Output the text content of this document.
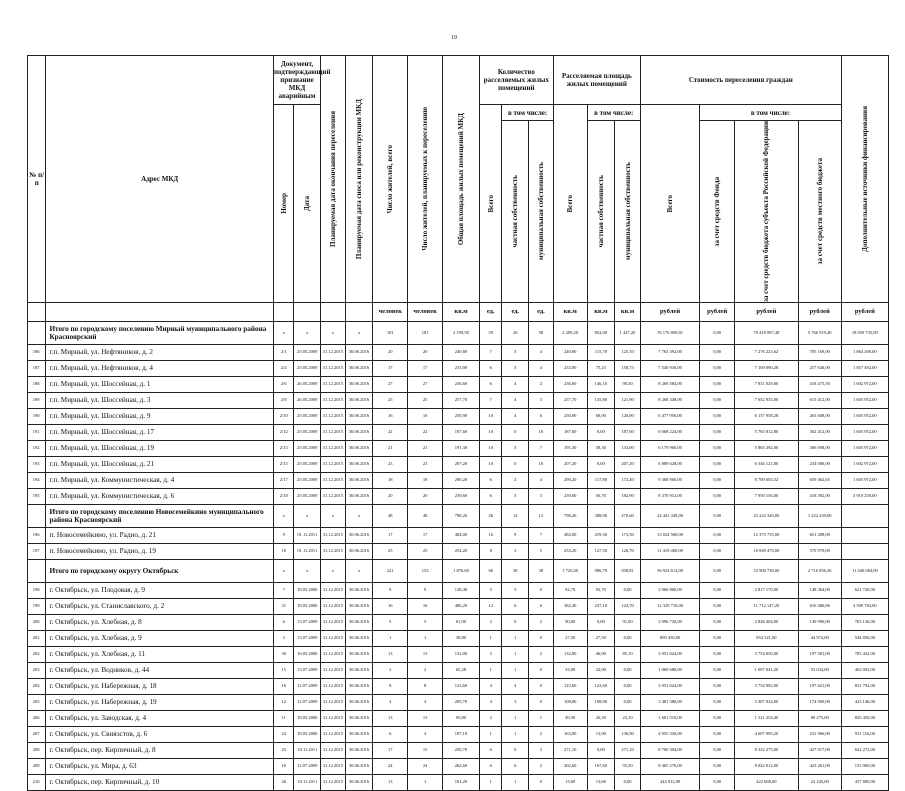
19
№ п/п	Адрес МКД	Документ, подтверждающий признание МКД аварийным		Планируемая дата окончания переселения	Планируемая дата сноса или реконструкции МКД	Число жителей, всего	Число жителей, планируемых к переселению	Общая площадь жилых помещений МКД	Количество расселяемых жилых помещений			Расселяемая площадь жилых помещений			Стоимость переселения граждан				Дополнительные источники финансирования

		Номер	Дата						Всего	в том числе:		Всего	в том числе:		Всего	в том числе:			

										частная собственность	муниципальная собственность		частная собственность	муниципальная собственность		за счет средств Фонда	за счет средств бюджета субъекта Российской Федерации	за счет средств местного бюджета	

						человек	человек	кв.м	ед.	ед.	ед.	кв.м	кв.м	кв.м	рублей	рублей	рублей	рублей	рублей
	Итого по городскому поселению Мирный муниципального района Красноярский	x	x	x	x	181	181	2 199,50	59	26	58	2 209,20	852,00	1 447,20	76 176 009,81	0,00	70 418 087,48	5 766 919,40	18 059 735,00
186.	г.п. Мирный, ул. Нефтяников, д. 2	2/1	25.05.2009	31.12.2015	30.06.2016	20	20	240,80	7	3	4	240,80	115,70	125,10	7 763 392,00	0,00	7 276 223,62	705 169,00	1 864 200,00
187.	г.п. Мирный, ул. Нефтяников, д. 4	2/2	25.05.2009	31.12.2015	30.06.2016	17	17	233,90	6	3	4	233,90	75,23	158,73	7 540 936,00	0,00	7 169 090,28	257 640,00	1 857 492,00
188.	г.п. Мирный, ул. Шоссейная, д. 1	2/6	26.05.2009	31.12.2015	30.06.2016	27	27	236,60	6	4	2	236,60	146,10	90,50	8 269 584,00	0,00	7 851 029,00	418 475,50	1 602 972,00
189.	г.п. Мирный, ул. Шоссейная, д. 3	2/8	26.05.2009	31.12.2015	30.06.2016	25	25	257,70	7	4	3	257,70	135,80	121,90	8 268 348,00	0,00	7 652 935,00	615 412,00	1 605 952,00
190.	г.п. Мирный, ул. Шоссейная, д. 9	2/10	25.05.2009	31.12.2015	30.06.2016	16	16	250,90	10	4	6	250,90	68,90	120,00	6 477 956,00	0,00	6 157 958,28	263 608,00	1 605 952,00
191.	г.п. Мирный, ул. Шоссейная, д. 17	2/12	25.05.2009	31.12.2015	30.06.2016	22	22	187,60	10	0	10	187,60	0,00	187,60	6 068 224,00	0,00	5 765 812,80	302 412,00	1 605 952,00
192.	г.п. Мирный, ул. Шоссейная, д. 19	2/13	25.05.2009	31.12.2015	30.06.2016	21	21	191,30	10	3	7	191,30	58,30	133,00	6 179 960,00	0,00	5 865 292,00	306 698,00	1 605 972,00
193.	г.п. Мирный, ул. Шоссейная, д. 21	2/15	25.05.2009	31.12.2015	30.06.2016	23	23	207,20	10	0	10	207,20	0,00	207,20	6 889 628,00	0,00	6 546 121,80	234 000,00	1 602 972,00
194.	г.п. Мирный, ул. Коммунистическая, д. 4	2/17	25.05.2009	31.12.2015	30.06.2016	18	18	290,20	6	2	4	290,20	117,80	172,40	9 368 960,00	0,00	8 709 603,52	659 462,65	1 605 972,00
195.	г.п. Мирный, ул. Коммунистическая, д. 6	2/18	25.05.2009	31.12.2015	30.06.2016	20	20	239,60	6	3	3	239,60	56,70	182,90	8 370 912,00	0,00	7 950 156,00	418 392,00	3 910 250,00
	Итого по городскому поселению Новосемейкино муниципального района Красноярский	x	x	x	x	48	48	798,26	26	12	12	798,26	388,06	270,60	24 441 349,00	0,00	23 222 349,00	1 222 239,00	
196.	п. Новосемейкино, ул. Радио, д. 21	9	01.11.2011	31.12.2015	30.06.2016	17	17	484,00	16	9	7	484,00	259,50	173,50	13 024 568,00	0,00	12 375 755,00	651 288,00	
197.	п. Новосемейкино, ул. Радио, д. 19	10	01.11.2011	31.12.2015	30.06.2016	25	25	254,20	8	3	5	254,20	127,50	126,70	11 419 400,00	0,00	10 849 470,00	570 970,00	
	Итого по городскому округу Октябрьск	x	x	x	x	221	153	1 876,69	66	38	38	1 725,60	986,79	938,81	56 924 614,00	0,00	53 900 730,00	2 716 856,36	11 440 084,00
198.	г. Октябрьск, ул. Плодовая, д. 9	7	18.05.2006	31.12.2015	30.06.2016	9	9	128,40	5	5	0	92,70	92,70	0,00	2 966 860,00	0,00	2 817 170,00	148 364,00	621 720,00
199.	г. Октябрьск, ул. Станиславского, д. 2	31	18.05.2006	31.12.2015	30.06.2016	16	16	486,20	12	6	6	382,40	237,10	124,70	12 329 710,00	0,00	11 712 147,20	616 486,86	4 509 784,00
200.	г. Октябрьск, ул. Хлебная, д. 8	6	13.07.2009	31.12.2015	30.06.2016	5	5	61,00	2	0	2	90,00	0,00	91,00	2 996 720,00	0,00	2 848 404,00	149 996,00	763 136,00
201.	г. Октябрьск, ул. Хлебная, д. 9	3	13.07.2009	31.12.2015	30.06.2016	1	1	38,80	1	1	0	27,50	27,50	0,00	899 450,00	0,00	854 521,00	44 974,00	544 856,00
202.	г. Октябрьск, ул. Хлебная, д. 11	30	16.05.2006	31.12.2015	30.06.2016	13	13	132,00	3	1	2	132,00	46,90	85,10	3 951 624,00	0,00	3 754 050,00	197 581,00	783 432,00
203.	г. Октябрьск, ул. Водников, д. 44	15	13.07.2009	31.12.2015	30.06.2016	2	2	65,28	1	1	0	33,00	32,90	0,00	1 060 686,00	0,00	1 007 641,20	53 034,00	463 092,00
204.	г. Октябрьск, ул. Набережная, д. 18	16	12.07.2009	31.12.2015	30.06.2016	8	8	123,60	4	4	0	123,60	123,60	0,00	3 953 624,00	0,00	3 754 992,00	197 621,00	831 792,00
205.	г. Октябрьск, ул. Набережная, д. 19	12	12.07.2009	31.12.2015	30.06.2016	4	4	209,70	4	3	0	108,00	108,00	0,00	3 481 380,00	0,00	3 307 824,00	174 069,00	423 146,00
206.	г. Октябрьск, ул. Заводская, д. 4	11	18.05.2006	31.12.2015	30.06.2016	13	13	95,80	2	1	1	49,50	26,30	23,10	1 601 510,00	0,00	1 521 254,40	80 275,00	825 456,00
207.	г. Октябрьск, ул. Свиязстов, д. 6	24	18.05.2006	31.12.2015	30.06.2016	6	4	187,10	1	1	2	163,90	13,90	136,90	4 955 336,00	0,00	4 607 995,20	231 966,00	931 116,00
208.	г. Октябрьск, пер. Кирпичный, д. 8	25	10.11.2011	31.12.2015	30.06.2016	17	15	250,70	6	0	3	271,10	0,00	271,10	8 760 304,00	0,00	8 322 275,00	427 017,00	622 272,00
209.	г. Октябрьск, ул. Мира, д. 63	10	12.07.2009	31.12.2015	30.06.2016	24	24	262,60	6	6	2	202,60	167,60	95,50	8 465 276,00	0,00	8 042 012,00	423 261,00	133 960,00
210.	г. Октябрьск, пер. Кирпичный, д. 10	26	10.11.2011	31.12.2015	30.06.2016	13	1	161,20	1	1	0	13,60	13,60	0,00	444 912,00	0,00	422 668,00	22 245,00	457 800,00
